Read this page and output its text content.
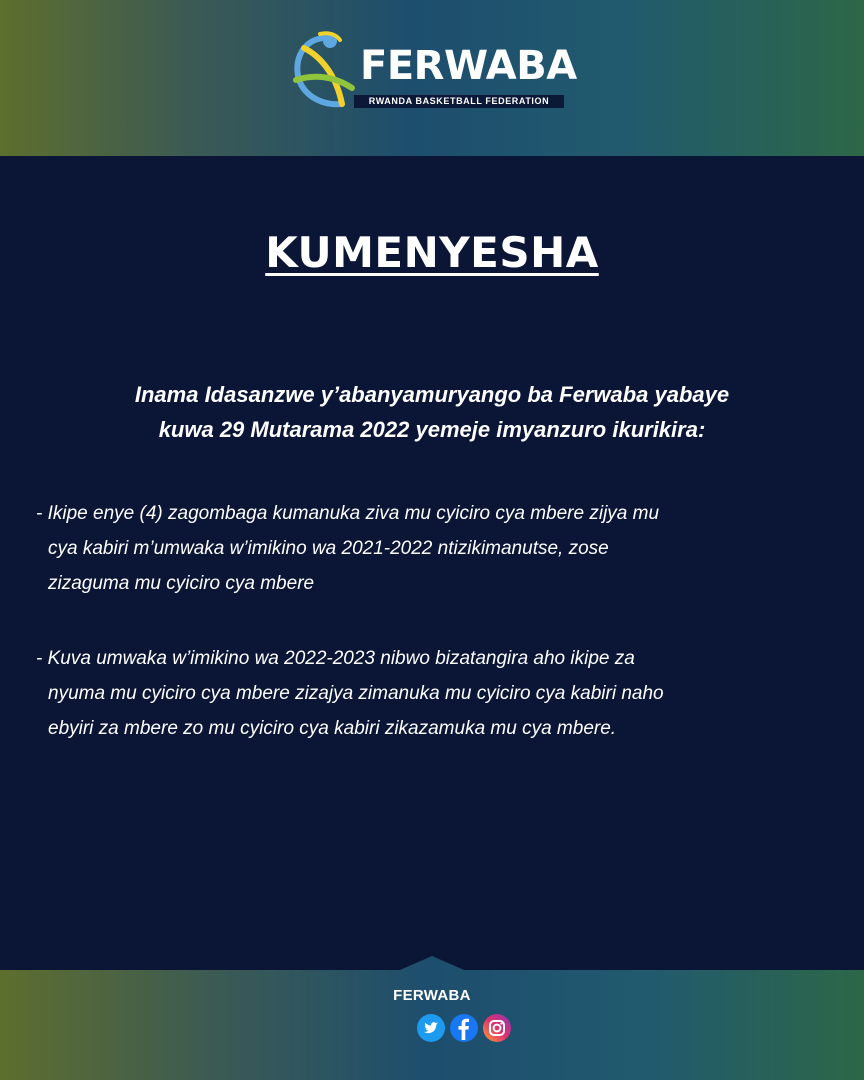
FERWABA
RWANDA BASKETBALL FEDERATION
KUMENYESHA
Inama Idasanzwe y’abanyamuryango ba Ferwaba yabaye
kuwa 29 Mutarama 2022 yemeje imyanzuro ikurikira:
- Ikipe enye (4) zagombaga kumanuka ziva mu cyiciro cya mbere zijya mu
cya kabiri m’umwaka w’imikino wa 2021-2022 ntizikimanutse, zose
zizaguma mu cyiciro cya mbere
- Kuva umwaka w’imikino wa 2022-2023 nibwo bizatangira aho ikipe za
nyuma mu cyiciro cya mbere zizajya zimanuka mu cyiciro cya kabiri naho
ebyiri za mbere zo mu cyiciro cya kabiri zikazamuka mu cya mbere.
FERWABA
